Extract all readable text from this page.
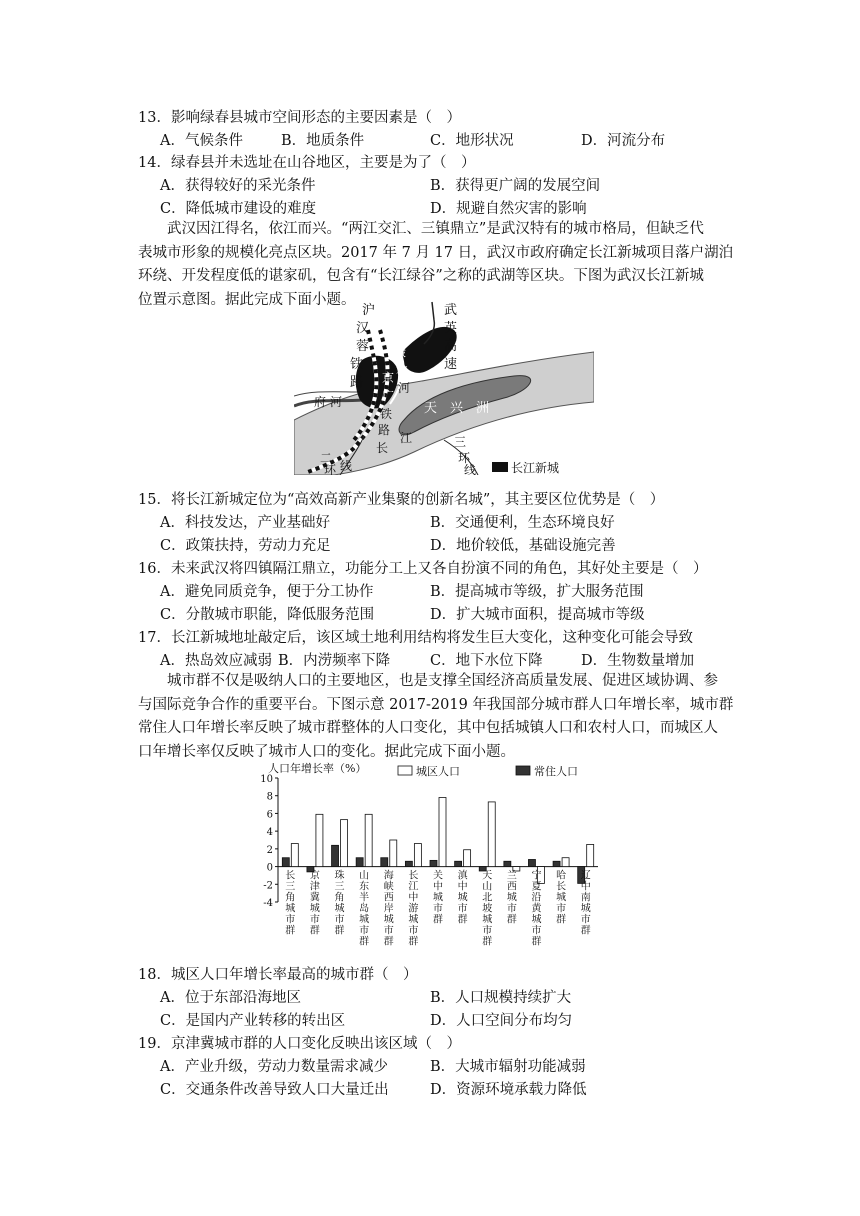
13．影响绿春县城市空间形态的主要因素是（　）
A．气候条件	B．地质条件	C．地形状况	D．河流分布
14．绿春县并未选址在山谷地区，主要是为了（　）
A．获得较好的采光条件	B．获得更广阔的发展空间
C．降低城市建设的难度	D．规避自然灾害的影响
　　武汉因江得名，依江而兴。“两江交汇、三镇鼎立”是武汉特有的城市格局，但缺乏代
表城市形象的规模化亮点区块。2017 年 7 月 17 日，武汉市政府确定长江新城项目落户湖泊
环绕、开发程度低的谌家矶，包含有“长江绿谷”之称的武湖等区块。下图为武汉长江新城
位置示意图。据此完成下面小题。
沪
汉
蓉
铁
路
武
英
高
速
府 河
滠
水
河
京
广
铁
路
长
江
天　兴　洲
二
环 线
三
环
线	长江新城
15．将长江新城定位为“高效高新产业集聚的创新名城”，其主要区位优势是（　）
A．科技发达，产业基础好	B．交通便利，生态环境良好
C．政策扶持，劳动力充足	D．地价较低，基础设施完善
16．未来武汉将四镇隔江鼎立，功能分工上又各自扮演不同的角色，其好处主要是（　）
A．避免同质竞争，便于分工协作	B．提高城市等级，扩大服务范围
C．分散城市职能，降低服务范围	D．扩大城市面积，提高城市等级
17．长江新城地址敲定后，该区域土地利用结构将发生巨大变化，这种变化可能会导致
A．热岛效应减弱 B．内涝频率下降	C．地下水位下降	D．生物数量增加
　　城市群不仅是吸纳人口的主要地区，也是支撑全国经济高质量发展、促进区域协调、参
与国际竞争合作的重要平台。下图示意 2017-2019 年我国部分城市群人口年增长率，城市群
常住人口年增长率反映了城市群整体的人口变化，其中包括城镇人口和农村人口，而城区人
口年增长率仅反映了城市人口的变化。据此完成下面小题。
人口年增长率（%）
10
8
6
4
2
0
-2
-4
长
三
角
城
市
群
京
津
冀
城
市
群
珠
三
角
城
市
群
山
东
半
岛
城
市
群
海
峡
西
岸
城
市
群
长
江
中
游
城
市
群
关
中
城
市
群
滇
中
城
市
群
天
山
北
坡
城
市
群
兰
西
城
市
群
宁
夏
沿
黄
城
市
群
哈
长
城
市
群
辽
中
南
城
市
群
城区人口	常住人口
18．城区人口年增长率最高的城市群（　）
A．位于东部沿海地区	B．人口规模持续扩大
C．是国内产业转移的转出区	D．人口空间分布均匀
19．京津冀城市群的人口变化反映出该区域（　）
A．产业升级，劳动力数量需求减少	B．大城市辐射功能减弱
C．交通条件改善导致人口大量迁出	D．资源环境承载力降低
